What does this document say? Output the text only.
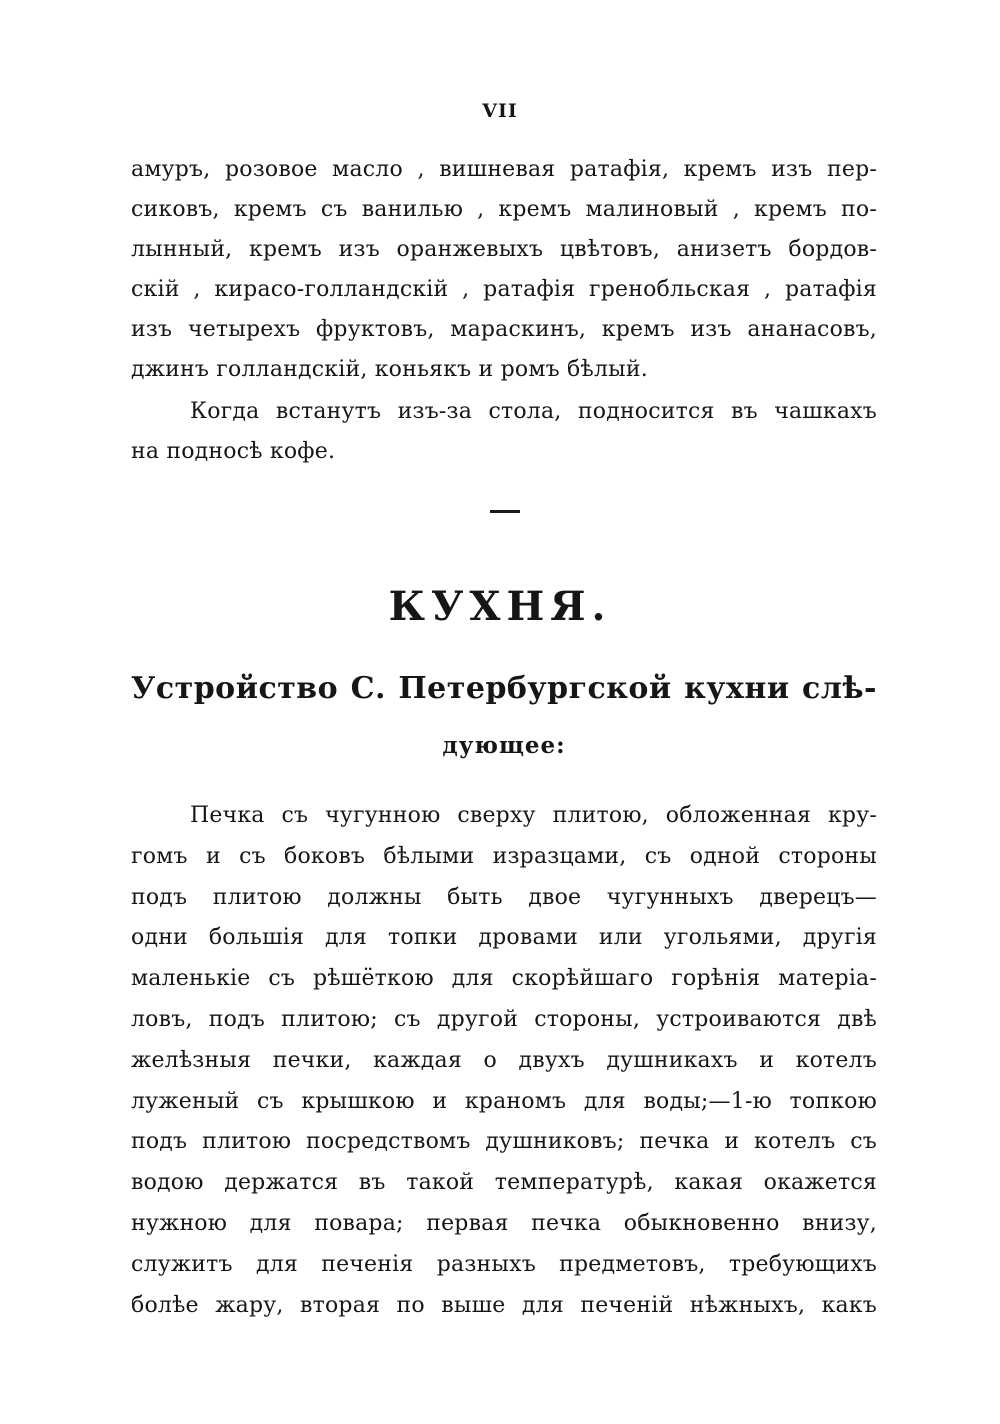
VII

амуръ, розовое масло , вишневая ратафія, кремъ изъ пер-
сиковъ, кремъ съ ванилью , кремъ малиновый , кремъ по-
лынный, кремъ изъ оранжевыхъ цвѣтовъ, анизетъ бордов-
скій , кирасо-голландскій , ратафія гренобльская , ратафія
изъ четырехъ фруктовъ, мараскинъ, кремъ изъ ананасовъ,
джинъ голландскій, коньякъ и ромъ бѣлый.

Когда встанутъ изъ-за стола, подносится въ чашкахъ
на подносѣ кофе.

КУХНЯ.
Устройство С. Петербургской кухни слѣ-
дующее:

Печка съ чугунною сверху плитою, обложенная кру-
гомъ и съ боковъ бѣлыми изразцами, съ одной стороны
подъ плитою должны быть двое чугунныхъ дверецъ—
одни большія для топки дровами или угольями, другія
маленькіе съ рѣшёткою для скорѣйшаго горѣнія матеріа-
ловъ, подъ плитою; съ другой стороны, устроиваются двѣ
желѣзныя печки, каждая о двухъ душникахъ и котелъ
луженый съ крышкою и краномъ для воды;—1-ю топкою
подъ плитою посредствомъ душниковъ; печка и котелъ съ
водою держатся въ такой температурѣ, какая окажется
нужною для повара; первая печка обыкновенно внизу,
служитъ для печенія разныхъ предметовъ, требующихъ
болѣе жару, вторая по выше для печеній нѣжныхъ, какъ
